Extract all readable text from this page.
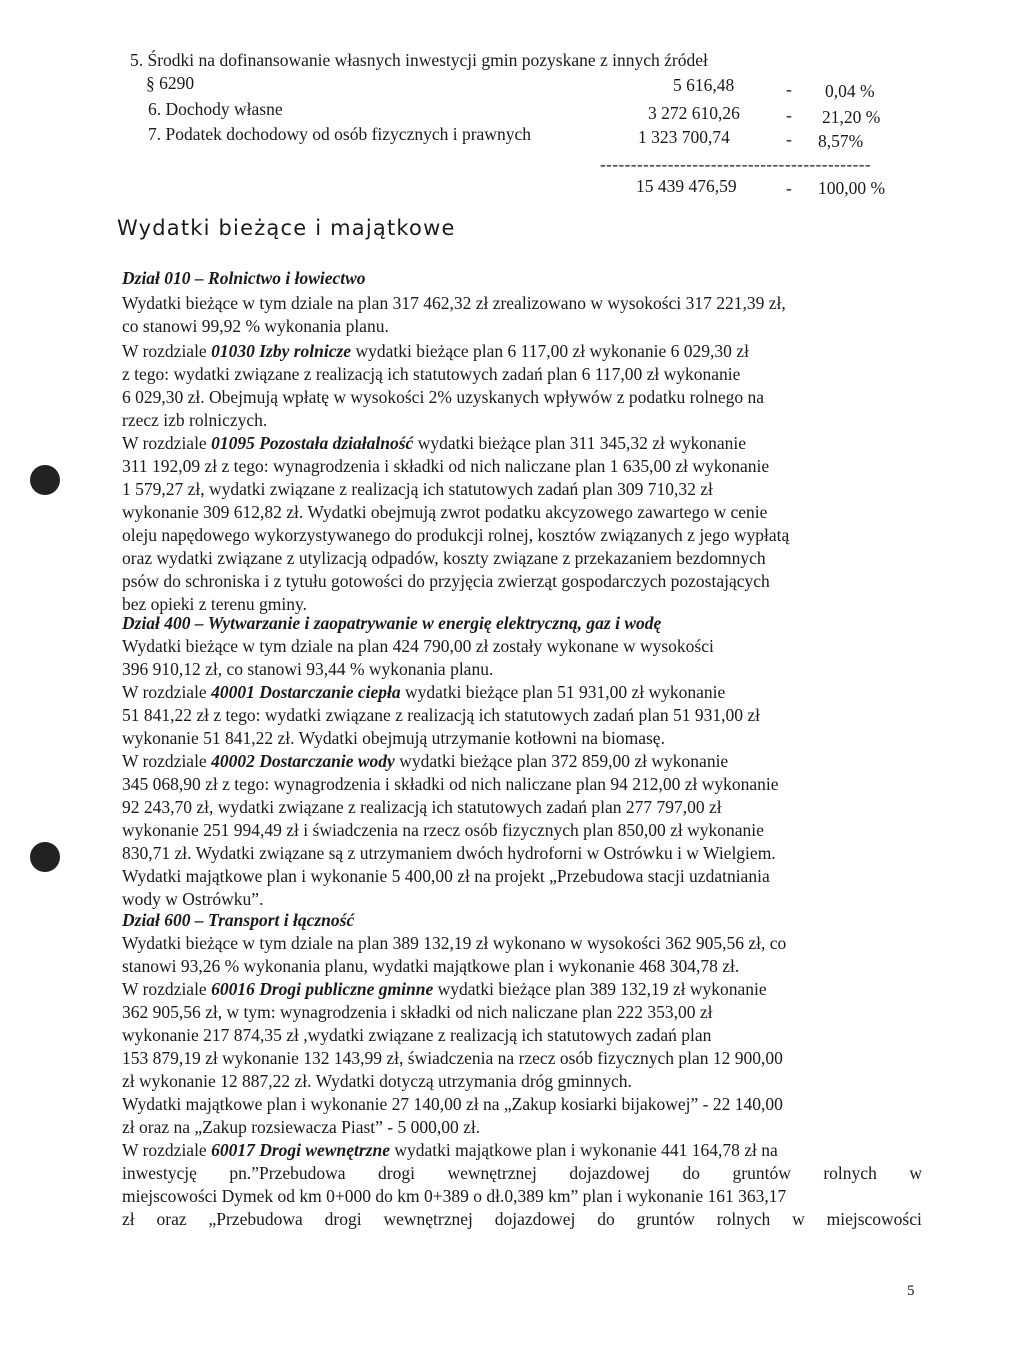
5. Środki na dofinansowanie własnych inwestycji gmin pozyskane z innych źródeł
§ 6290	5 616,48	- 0,04 %
6. Dochody własne	3 272 610,26	- 21,20 %
7. Podatek dochodowy od osób fizycznych i prawnych	1 323 700,74	- 8,57%
--------------------------------------------
15 439 476,59	- 100,00 %
Wydatki bieżące i majątkowe
Dział 010 – Rolnictwo i łowiectwo
Wydatki bieżące w tym dziale na plan 317 462,32 zł zrealizowano w wysokości 317 221,39 zł,
co stanowi 99,92 % wykonania planu.
W rozdziale 01030 Izby rolnicze wydatki bieżące plan 6 117,00 zł wykonanie 6 029,30 zł
z tego: wydatki związane z realizacją ich statutowych zadań plan 6 117,00 zł wykonanie
6 029,30 zł. Obejmują wpłatę w wysokości 2% uzyskanych wpływów z podatku rolnego na
rzecz izb rolniczych.
W rozdziale 01095 Pozostała działalność wydatki bieżące plan 311 345,32 zł wykonanie
311 192,09 zł z tego: wynagrodzenia i składki od nich naliczane plan 1 635,00 zł wykonanie
1 579,27 zł, wydatki związane z realizacją ich statutowych zadań plan 309 710,32 zł
wykonanie 309 612,82 zł. Wydatki obejmują zwrot podatku akcyzowego zawartego w cenie
oleju napędowego wykorzystywanego do produkcji rolnej, kosztów związanych z jego wypłatą
oraz wydatki związane z utylizacją odpadów, koszty związane z przekazaniem bezdomnych
psów do schroniska i z tytułu gotowości do przyjęcia zwierząt gospodarczych pozostających
bez opieki z terenu gminy.
Dział 400 – Wytwarzanie i zaopatrywanie w energię elektryczną, gaz i wodę
Wydatki bieżące w tym dziale na plan 424 790,00 zł zostały wykonane w wysokości
396 910,12 zł, co stanowi 93,44 % wykonania planu.
W rozdziale 40001 Dostarczanie ciepła wydatki bieżące plan 51 931,00 zł wykonanie
51 841,22 zł z tego: wydatki związane z realizacją ich statutowych zadań plan 51 931,00 zł
wykonanie 51 841,22 zł. Wydatki obejmują utrzymanie kotłowni na biomasę.
W rozdziale 40002 Dostarczanie wody wydatki bieżące plan 372 859,00 zł wykonanie
345 068,90 zł z tego: wynagrodzenia i składki od nich naliczane plan 94 212,00 zł wykonanie
92 243,70 zł, wydatki związane z realizacją ich statutowych zadań plan 277 797,00 zł
wykonanie 251 994,49 zł i świadczenia na rzecz osób fizycznych plan 850,00 zł wykonanie
830,71 zł. Wydatki związane są z utrzymaniem dwóch hydroforni w Ostrówku i w Wielgiem.
Wydatki majątkowe plan i wykonanie 5 400,00 zł na projekt „Przebudowa stacji uzdatniania
wody w Ostrówku”.
Dział 600 – Transport i łączność
Wydatki bieżące w tym dziale na plan 389 132,19 zł wykonano w wysokości 362 905,56 zł, co
stanowi 93,26 % wykonania planu, wydatki majątkowe plan i wykonanie 468 304,78 zł.
W rozdziale 60016 Drogi publiczne gminne wydatki bieżące plan 389 132,19 zł wykonanie
362 905,56 zł, w tym: wynagrodzenia i składki od nich naliczane plan 222 353,00 zł
wykonanie 217 874,35 zł ,wydatki związane z realizacją ich statutowych zadań plan
153 879,19 zł wykonanie 132 143,99 zł, świadczenia na rzecz osób fizycznych plan 12 900,00
zł wykonanie 12 887,22 zł. Wydatki dotyczą utrzymania dróg gminnych.
Wydatki majątkowe plan i wykonanie 27 140,00 zł na „Zakup kosiarki bijakowej” - 22 140,00
zł oraz na „Zakup rozsiewacza Piast” - 5 000,00 zł.
W rozdziale 60017 Drogi wewnętrzne wydatki majątkowe plan i wykonanie 441 164,78 zł na
inwestycję pn.”Przebudowa drogi wewnętrznej dojazdowej do gruntów rolnych w
miejscowości Dymek od km 0+000 do km 0+389 o dł.0,389 km” plan i wykonanie 161 363,17
zł oraz „Przebudowa drogi wewnętrznej dojazdowej do gruntów rolnych w miejscowości
5
